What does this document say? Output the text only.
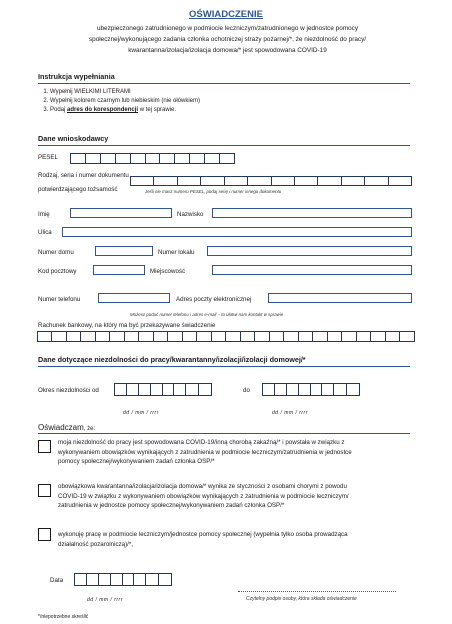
OŚWIADCZENIE
ubezpieczonego zatrudnionego w podmiocie leczniczym/zatrudnionego w jednostce pomocy
społecznej/wykonującego zadania członka ochotniczej straży pożarnej/*, że niezdolność do pracy/
kwarantanna/izolacja/izolacja domowa/* jest spowodowana COVID-19
Instrukcja wypełniania
1. Wypełnij WIELKIMI LITERAMI
2. Wypełnij kolorem czarnym lub niebieskim (nie ołówkiem)
3. Podaj adres do korespondencji w tej sprawie.
Dane wnioskodawcy
PESEL
Rodzaj, seria i numer dokumentu
potwierdzającego tożsamość	Jeśli nie masz numeru PESEL, podaj serię i numer innego dokumentu
Imię	Nazwisko
Ulica
Numer domu	Numer lokalu
Kod pocztowy	Miejscowość
Numer telefonu	Adres poczty elektronicznej
Możesz podać numer telefonu i adres e-mail – to ułatwi nam kontakt w sprawie
Rachunek bankowy, na który ma być przekazywane świadczenie
Dane dotyczące niezdolności do pracy/kwarantanny/izolacji/izolacji domowej/*
Okres niezdolności od	do
dd / mm / rrrr	dd / mm / rrrr
Oświadczam, że:
moja niezdolność do pracy jest spowodowana COVID-19/inną chorobą zakaźną/* i powstała w związku z
wykonywaniem obowiązków wynikających z zatrudnienia w podmiocie leczniczym/zatrudnienia w jednostce
pomocy społecznej/wykonywaniem zadań członka OSP/*
obowiązkowa kwarantanna/izolacja/izolacja domowa/* wynika ze styczności z osobami chorymi z powodu
COVID-19 w związku z wykonywaniem obowiązków wynikających z zatrudnienia w podmiocie leczniczym/
zatrudnienia w jednostce pomocy społecznej/wykonywaniem zadań członka OSP/*
wykonuję pracę w podmiocie leczniczym/jednostce pomocy społecznej (wypełnia tylko osoba prowadząca
działalność pozarolniczą)/*,
Data
dd / mm / rrrr	Czytelny podpis osoby, która składa oświadczenie
*/niepotrzebne skreślić
